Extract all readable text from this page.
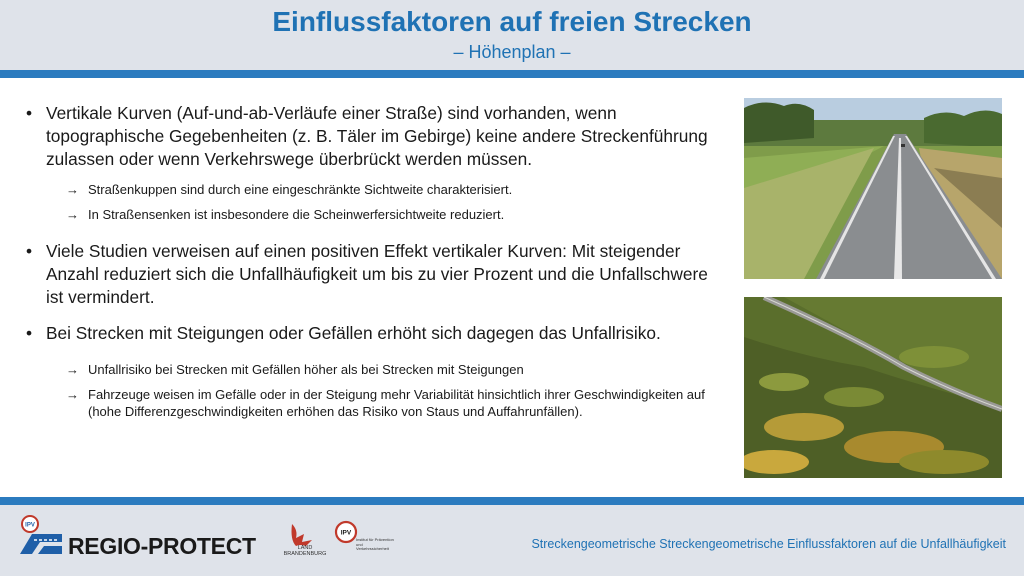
Einflussfaktoren auf freien Strecken
– Höhenplan –
• Vertikale Kurven (Auf-und-ab-Verläufe einer Straße) sind vorhanden, wenn topographische Gegebenheiten (z. B. Täler im Gebirge) keine andere Streckenführung zulassen oder wenn Verkehrswege überbrückt werden müssen.
→ Straßenkuppen sind durch eine eingeschränkte Sichtweite charakterisiert.
→ In Straßensenken ist insbesondere die Scheinwerfersichtweite reduziert.
• Viele Studien verweisen auf einen positiven Effekt vertikaler Kurven: Mit steigender Anzahl reduziert sich die Unfallhäufigkeit um bis zu vier Prozent und die Unfallschwere ist vermindert.
• Bei Strecken mit Steigungen oder Gefällen erhöht sich dagegen das Unfallrisiko.
→ Unfallrisiko bei Strecken mit Gefällen höher als bei Strecken mit Steigungen
→ Fahrzeuge weisen im Gefälle oder in der Steigung mehr Variabilität hinsichtlich ihrer Geschwindigkeiten auf (hohe Differenzgeschwindigkeiten erhöhen das Risiko von Staus und Auffahrunfällen).
IPV
REGIO-PROTECT	LAND BRANDENBURG
IPV
Institut für Prävention und Verkehrssicherheit	Streckengeometrische Streckengeometrische Einflussfaktoren auf die Unfallhäufigkeit
